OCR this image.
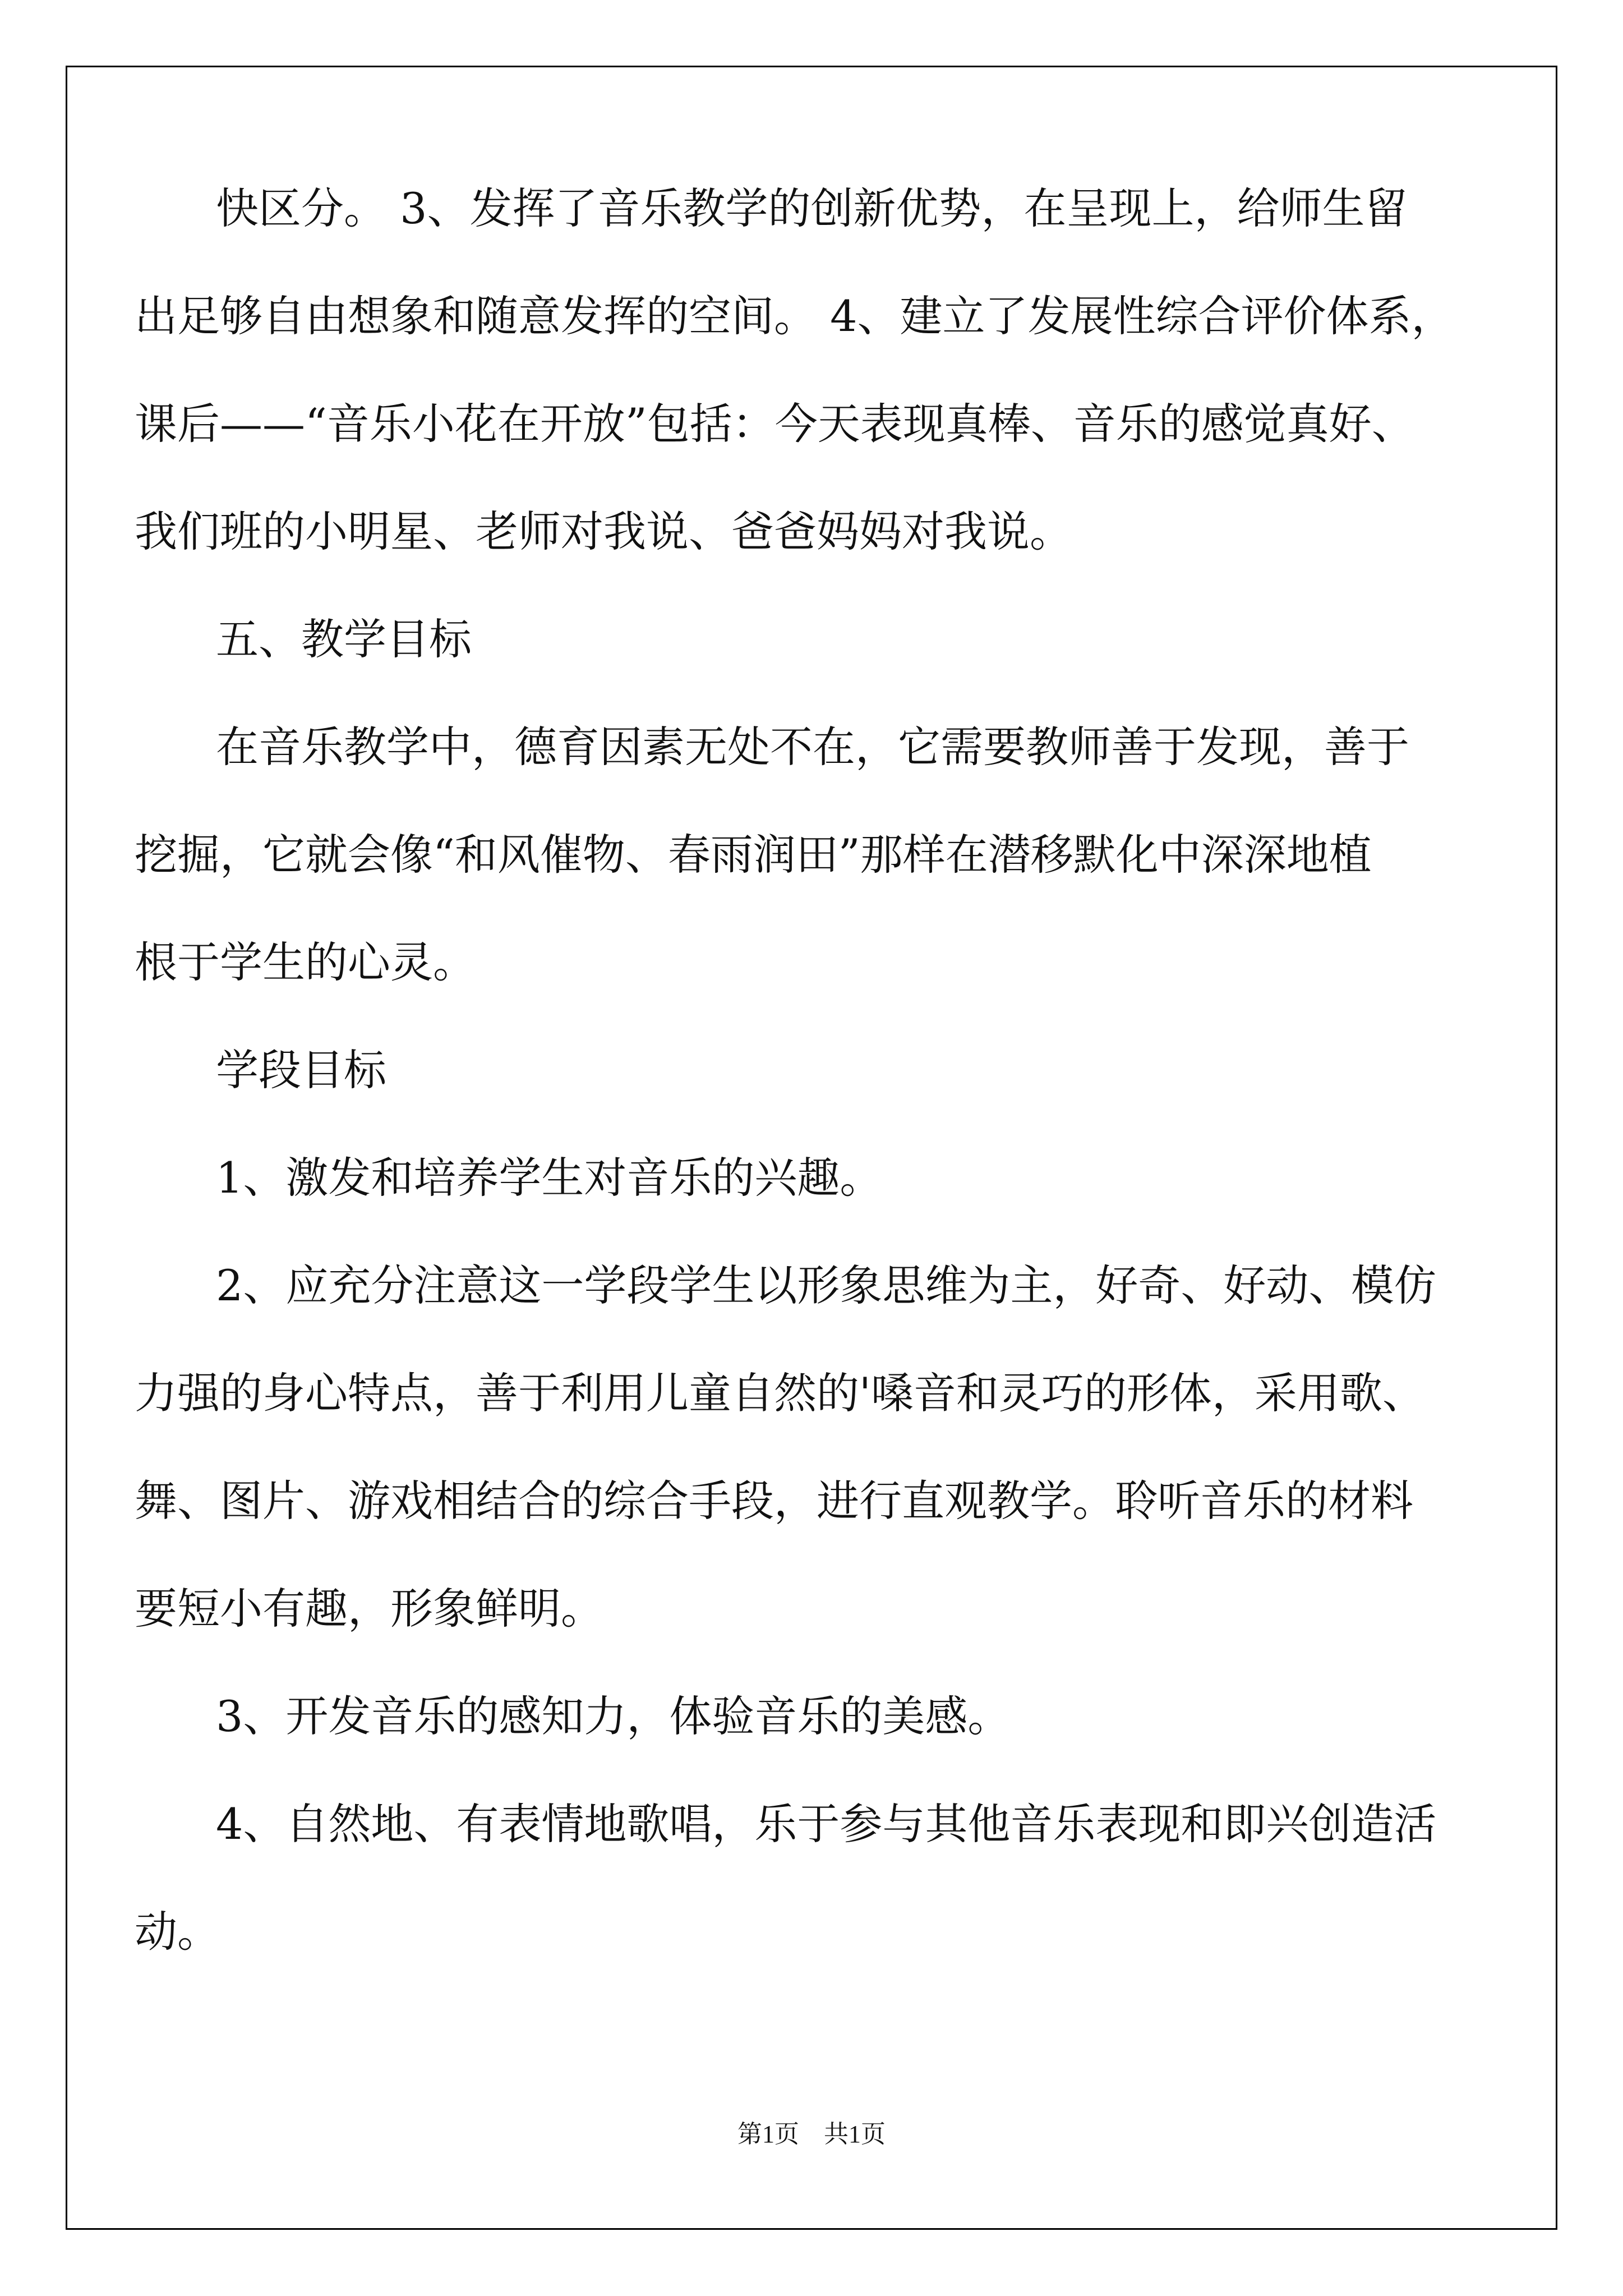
快区分。 3、发挥了音乐教学的创新优势，在呈现上，给师生留
出足够自由想象和随意发挥的空间。 4、建立了发展性综合评价体系，
课后——“音乐小花在开放”包括：今天表现真棒、音乐的感觉真好、
我们班的小明星、老师对我说、爸爸妈妈对我说。
五、教学目标
在音乐教学中，德育因素无处不在，它需要教师善于发现，善于
挖掘，它就会像“和风催物、春雨润田”那样在潜移默化中深深地植
根于学生的心灵。
学段目标
1、激发和培养学生对音乐的兴趣。
2、应充分注意这一学段学生以形象思维为主，好奇、好动、模仿
力强的身心特点，善于利用儿童自然的'嗓音和灵巧的形体，采用歌、
舞、图片、游戏相结合的综合手段，进行直观教学。聆听音乐的材料
要短小有趣，形象鲜明。
3、开发音乐的感知力，体验音乐的美感。
4、自然地、有表情地歌唱，乐于参与其他音乐表现和即兴创造活
动。
第1页　共1页
